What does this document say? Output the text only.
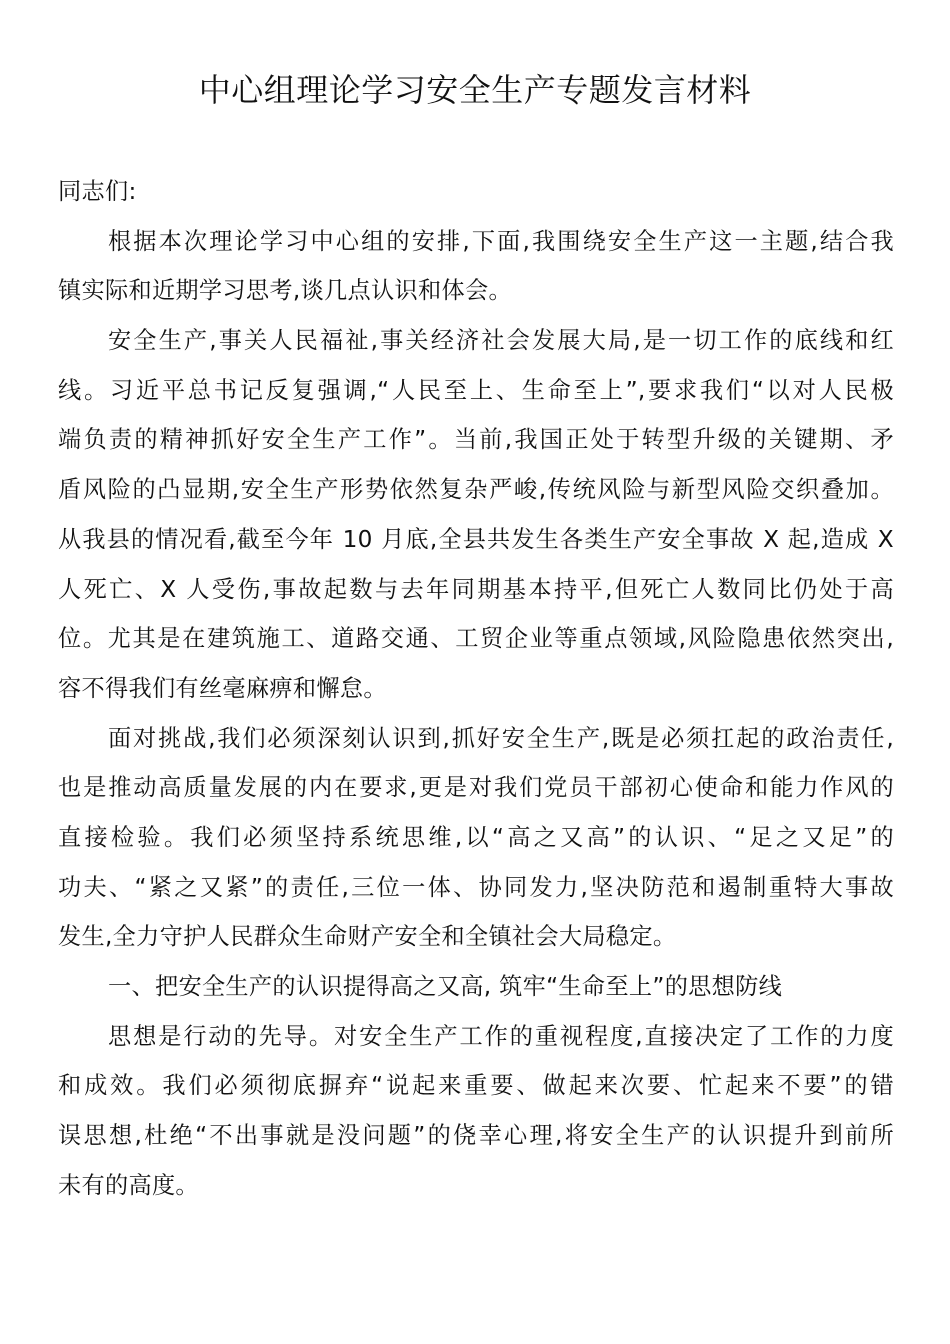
中心组理论学习安全生产专题发言材料
同志们:
根据本次理论学习中心组的安排,下面,我围绕安全生产这一主题,结合我
镇实际和近期学习思考,谈几点认识和体会。
安全生产,事关人民福祉,事关经济社会发展大局,是一切工作的底线和红
线。习近平总书记反复强调,“人民至上、生命至上”,要求我们“以对人民极
端负责的精神抓好安全生产工作”。当前,我国正处于转型升级的关键期、矛
盾风险的凸显期,安全生产形势依然复杂严峻,传统风险与新型风险交织叠加。
从我县的情况看,截至今年 10 月底,全县共发生各类生产安全事故 X 起,造成 X
人死亡、X 人受伤,事故起数与去年同期基本持平,但死亡人数同比仍处于高
位。尤其是在建筑施工、道路交通、工贸企业等重点领域,风险隐患依然突出,
容不得我们有丝毫麻痹和懈怠。
面对挑战,我们必须深刻认识到,抓好安全生产,既是必须扛起的政治责任,
也是推动高质量发展的内在要求,更是对我们党员干部初心使命和能力作风的
直接检验。我们必须坚持系统思维,以“高之又高”的认识、“足之又足”的
功夫、“紧之又紧”的责任,三位一体、协同发力,坚决防范和遏制重特大事故
发生,全力守护人民群众生命财产安全和全镇社会大局稳定。
一、把安全生产的认识提得高之又高, 筑牢“生命至上”的思想防线
思想是行动的先导。对安全生产工作的重视程度,直接决定了工作的力度
和成效。我们必须彻底摒弃“说起来重要、做起来次要、忙起来不要”的错
误思想,杜绝“不出事就是没问题”的侥幸心理,将安全生产的认识提升到前所
未有的高度。
